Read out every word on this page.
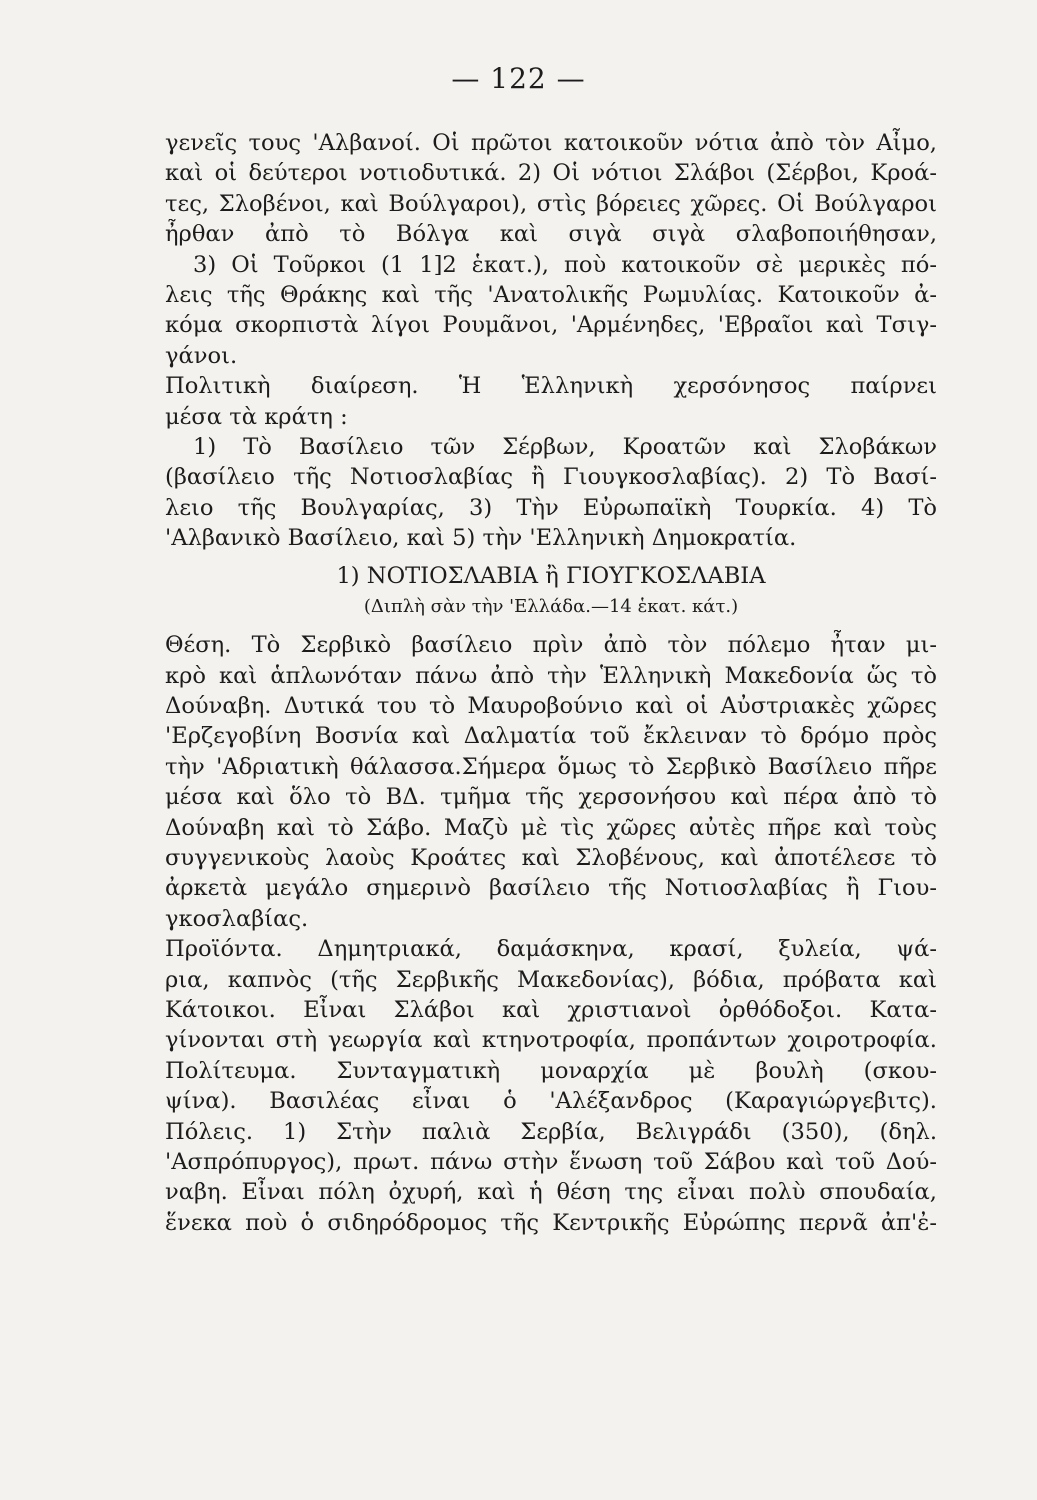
— 122 —
γενεῖς τους 'Αλβανοί. Οἱ πρῶτοι κατοικοῦν νότια ἀπὸ τὸν Αἶμο,
καὶ οἱ δεύτεροι νοτιοδυτικά. 2) Οἱ νότιοι Σλάβοι (Σέρβοι, Κροά-
τες, Σλοβένοι, καὶ Βούλγαροι), στὶς βόρειες χῶρες. Οἱ Βούλγαροι
ἦρθαν ἀπὸ τὸ Βόλγα καὶ σιγὰ σιγὰ σλαβοποιήθησαν,
3) Οἱ Τοῦρκοι (1 1]2 ἑκατ.), ποὺ κατοικοῦν σὲ μερικὲς πό-
λεις τῆς Θράκης καὶ τῆς 'Ανατολικῆς Ρωμυλίας. Κατοικοῦν ἀ-
κόμα σκορπιστὰ λίγοι Ρουμᾶνοι, 'Αρμένηδες, 'Εβραῖοι καὶ Τσιγ-
γάνοι.
Πολιτικὴ διαίρεση. Ἡ Ἑλληνικὴ χερσόνησος παίρνει
μέσα τὰ κράτη :
1) Τὸ Βασίλειο τῶν Σέρβων, Κροατῶν καὶ Σλοβάκων
(βασίλειο τῆς Νοτιοσλαβίας ἢ Γιουγκοσλαβίας). 2) Τὸ Βασί-
λειο τῆς Βουλγαρίας, 3) Τὴν Εὐρωπαϊκὴ Τουρκία. 4) Τὸ
'Αλβανικὸ Βασίλειο, καὶ 5) τὴν 'Ελληνικὴ Δημοκρατία.
1) ΝΟΤΙΟΣΛΑΒΙΑ ἢ ΓΙΟΥΓΚΟΣΛΑΒΙΑ
(Διπλὴ σὰν τὴν 'Ελλάδα.—14 ἑκατ. κάτ.)
Θέση. Τὸ Σερβικὸ βασίλειο πρὶν ἀπὸ τὸν πόλεμο ἦταν μι-
κρὸ καὶ ἁπλωνόταν πάνω ἀπὸ τὴν Ἑλληνικὴ Μακεδονία ὥς τὸ
Δούναβη. Δυτικά του τὸ Μαυροβούνιο καὶ οἱ Αὐστριακὲς χῶρες
'Ερζεγοβίνη Βοσνία καὶ Δαλματία τοῦ ἔκλειναν τὸ δρόμο πρὸς
τὴν 'Αδριατικὴ θάλασσα.Σήμερα ὅμως τὸ Σερβικὸ Βασίλειο πῆρε
μέσα καὶ ὅλο τὸ ΒΔ. τμῆμα τῆς χερσονήσου καὶ πέρα ἀπὸ τὸ
Δούναβη καὶ τὸ Σάβο. Μαζὺ μὲ τὶς χῶρες αὐτὲς πῆρε καὶ τοὺς
συγγενικοὺς λαοὺς Κροάτες καὶ Σλοβένους, καὶ ἀποτέλεσε τὸ
ἀρκετὰ μεγάλο σημερινὸ βασίλειο τῆς Νοτιοσλαβίας ἢ Γιου-
γκοσλαβίας.
Προϊόντα. Δημητριακά, δαμάσκηνα, κρασί, ξυλεία, ψά-
ρια, καπνὸς (τῆς Σερβικῆς Μακεδονίας), βόδια, πρόβατα καὶ
Κάτοικοι. Εἶναι Σλάβοι καὶ χριστιανοὶ ὀρθόδοξοι. Κατα-
γίνονται στὴ γεωργία καὶ κτηνοτροφία, προπάντων χοιροτροφία.
Πολίτευμα. Συνταγματικὴ μοναρχία μὲ βουλὴ (σκου-
ψίνα). Βασιλέας εἶναι ὁ 'Αλέξανδρος (Καραγιώργεβιτς).
Πόλεις. 1) Στὴν παλιὰ Σερβία, Βελιγράδι (350), (δηλ.
'Ασπρόπυργος), πρωτ. πάνω στὴν ἕνωση τοῦ Σάβου καὶ τοῦ Δού-
ναβη. Εἶναι πόλη ὀχυρή, καὶ ἡ θέση της εἶναι πολὺ σπουδαία,
ἕνεκα ποὺ ὁ σιδηρόδρομος τῆς Κεντρικῆς Εὐρώπης περνᾶ ἀπ'ἐ-
